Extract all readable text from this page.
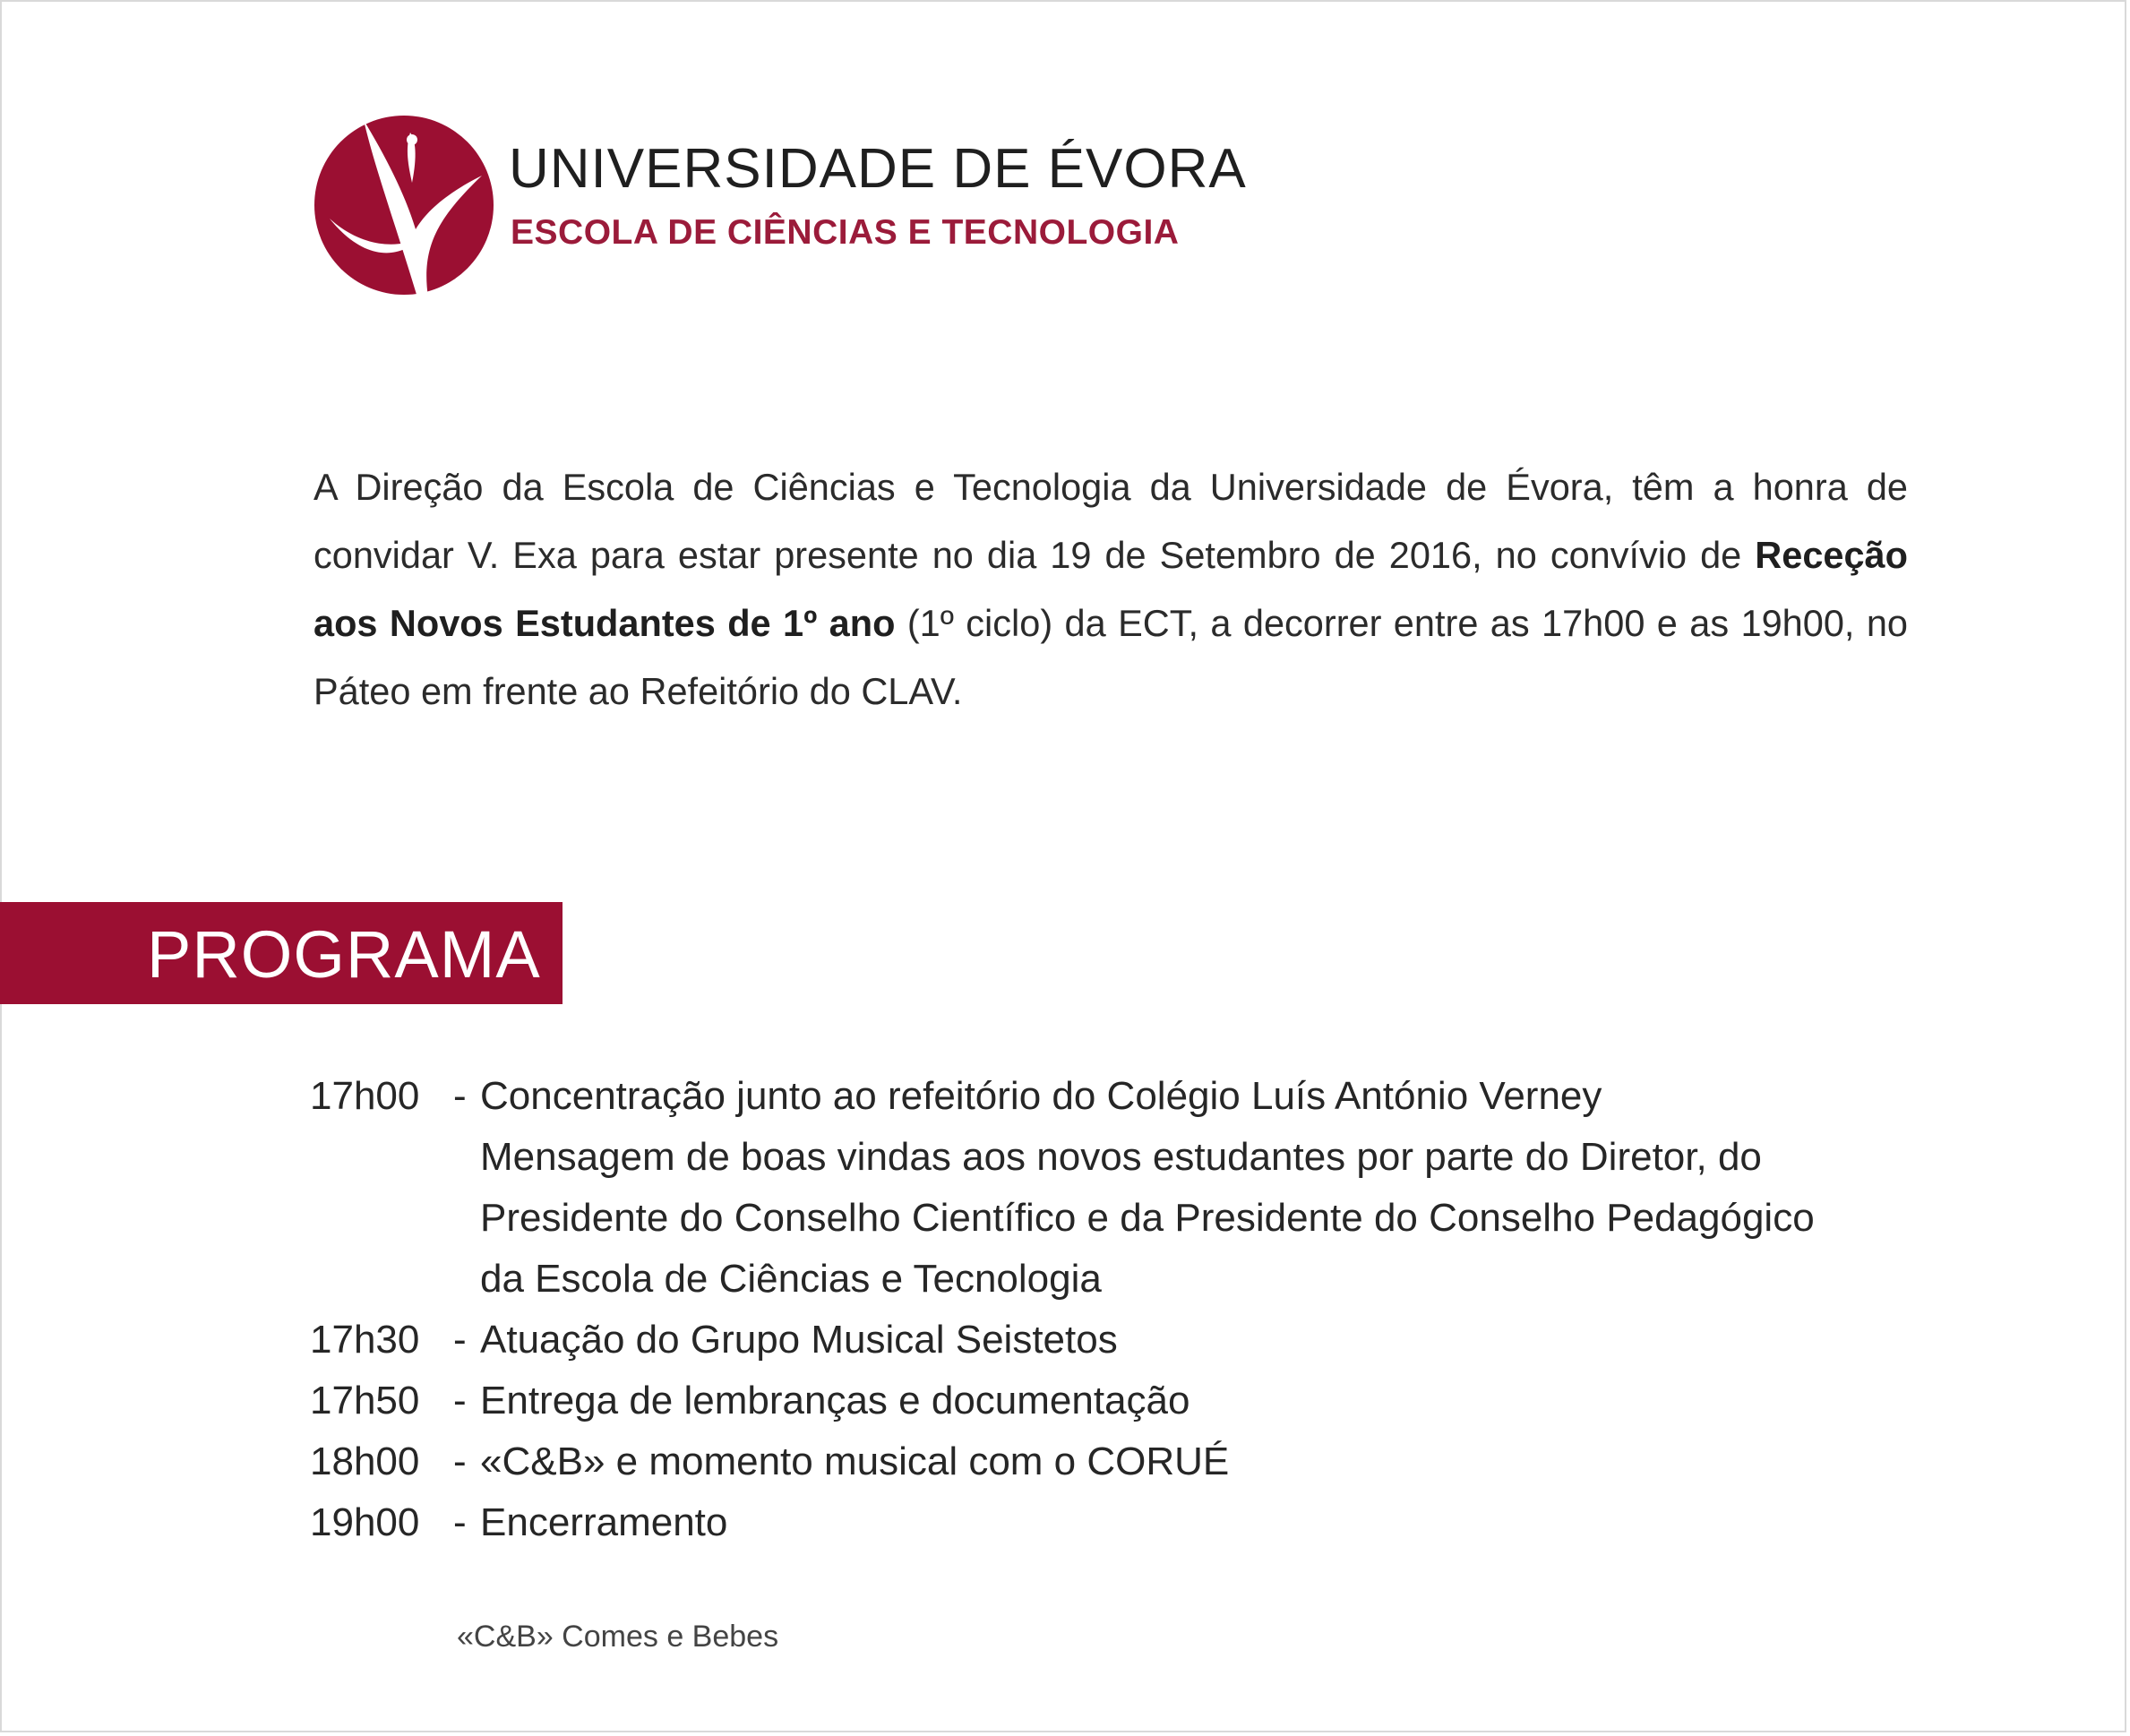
UNIVERSIDADE DE ÉVORA
ESCOLA DE CIÊNCIAS E TECNOLOGIA

A Direção da Escola de Ciências e Tecnologia da Universidade de Évora, têm a honra de convidar V. Exa para estar presente no dia 19 de Setembro de 2016, no convívio de Receção aos Novos Estudantes de 1º ano (1º ciclo) da ECT, a decorrer entre as 17h00 e as 19h00, no Páteo em frente ao Refeitório do CLAV.

PROGRAMA
17h00 - Concentração junto ao refeitório do Colégio Luís António Verney
Mensagem de boas vindas aos novos estudantes por parte do Diretor, do
Presidente do Conselho Científico e da Presidente do Conselho Pedagógico
da Escola de Ciências e Tecnologia
17h30 - Atuação do Grupo Musical Seistetos
17h50 - Entrega de lembranças e documentação
18h00 - «C&B» e momento musical com o CORUÉ
19h00 - Encerramento
«C&B» Comes e Bebes
